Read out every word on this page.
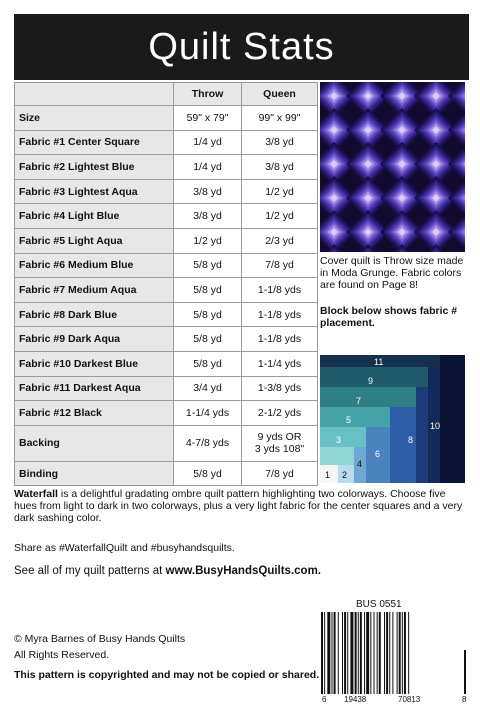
Quilt Stats
	Throw	Queen
Size	59" x 79"	99" x 99"
Fabric #1 Center Square	1/4 yd	3/8 yd
Fabric #2 Lightest Blue	1/4 yd	3/8 yd
Fabric #3 Lightest Aqua	3/8 yd	1/2 yd
Fabric #4 Light Blue	3/8 yd	1/2 yd
Fabric #5 Light Aqua	1/2 yd	2/3 yd
Fabric #6 Medium Blue	5/8 yd	7/8 yd
Fabric #7 Medium Aqua	5/8 yd	1-1/8 yds
Fabric #8 Dark Blue	5/8 yd	1-1/8 yds
Fabric #9 Dark Aqua	5/8 yd	1-1/8 yds
Fabric #10 Darkest Blue	5/8 yd	1-1/4 yds
Fabric #11 Darkest Aqua	3/4 yd	1-3/8 yds
Fabric #12 Black	1-1/4 yds	2-1/2 yds
Backing	4-7/8 yds	9 yds OR
3 yds 108"

Binding	5/8 yd	7/8 yd
Cover quilt is Throw size made in Moda Grunge. Fabric colors are found on Page 8!
Block below shows fabric # placement.
11
9
7
5
3
1 2
4
6
8
10
Waterfall is a delightful gradating ombre quilt pattern highlighting two colorways. Choose five hues from light to dark in two colorways, plus a very light fabric for the center squares and a very dark sashing color.
Share as #WaterfallQuilt and #busyhandsquilts.
See all of my quilt patterns at www.BusyHandsQuilts.com.
BUS 0551
© Myra Barnes of Busy Hands Quilts
All Rights Reserved.
This pattern is copyrighted and may not be copied or shared.
6 19438	70813	8
